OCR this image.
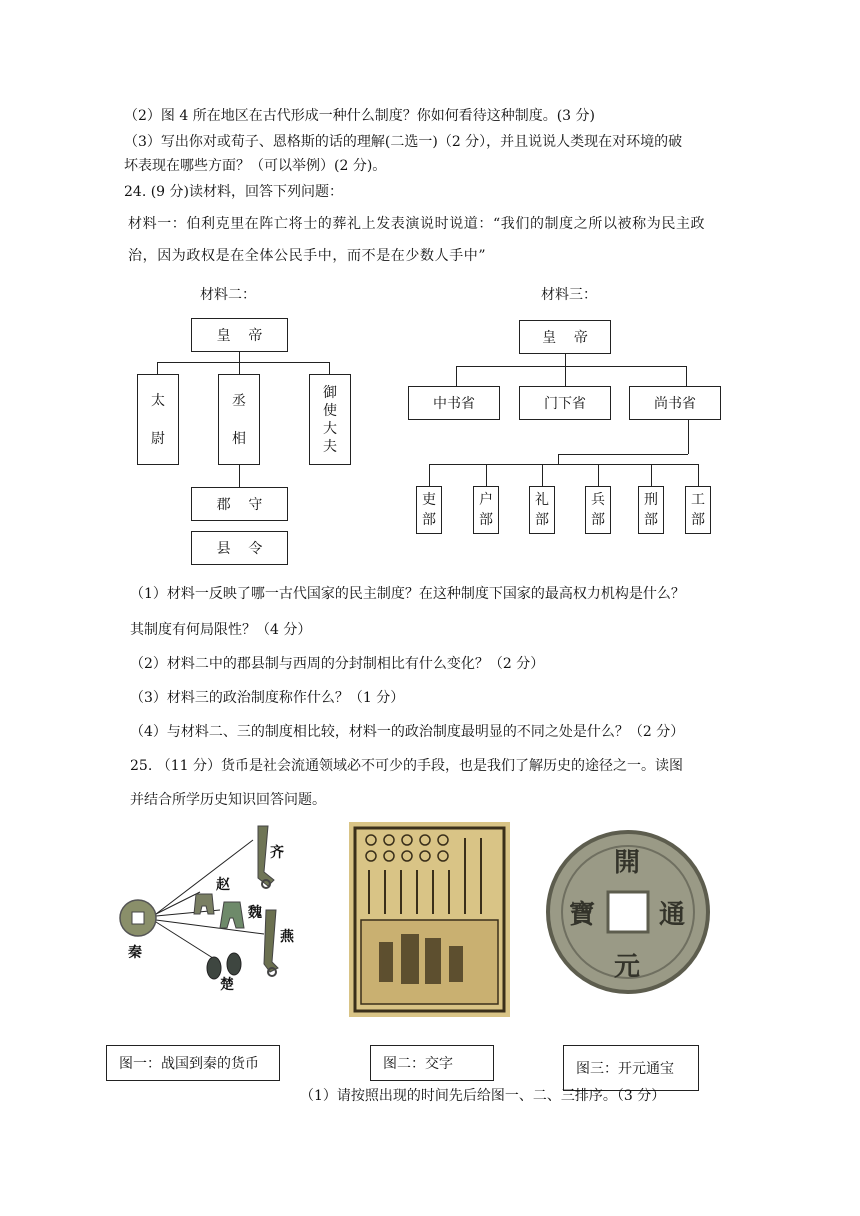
（2）图 4 所在地区在古代形成一种什么制度？你如何看待这种制度。(3 分)
（3）写出你对或荀子、恩格斯的话的理解(二选一)（2 分），并且说说人类现在对环境的破
坏表现在哪些方面？（可以举例）(2 分)。
24. (9 分)读材料，回答下列问题：
材料一：伯利克里在阵亡将士的葬礼上发表演说时说道：“我们的制度之所以被称为民主政
治，因为政权是在全体公民手中，而不是在少数人手中”
材料二：
皇    帝
太
尉
丞
相
御
使
大
夫
郡    守
县    令
材料三：
皇    帝
中书省	门下省	尚书省
吏
部
户
部
礼
部
兵
部
刑
部
工
部
（1）材料一反映了哪一古代国家的民主制度？在这种制度下国家的最高权力机构是什么？
其制度有何局限性？（4 分）
（2）材料二中的郡县制与西周的分封制相比有什么变化？（2 分）
（3）材料三的政治制度称作什么？（1 分）
（4）与材料二、三的制度相比较，材料一的政治制度最明显的不同之处是什么？（2 分）
25. （11 分）货币是社会流通领域必不可少的手段，也是我们了解历史的途径之一。读图
并结合所学历史知识回答问题。
齐
赵
魏
燕
秦
楚
開
元
通
寶
图一：战国到秦的货币	图二：交字	图三：开元通宝
（1）请按照出现的时间先后给图一、二、三排序。（3 分）
